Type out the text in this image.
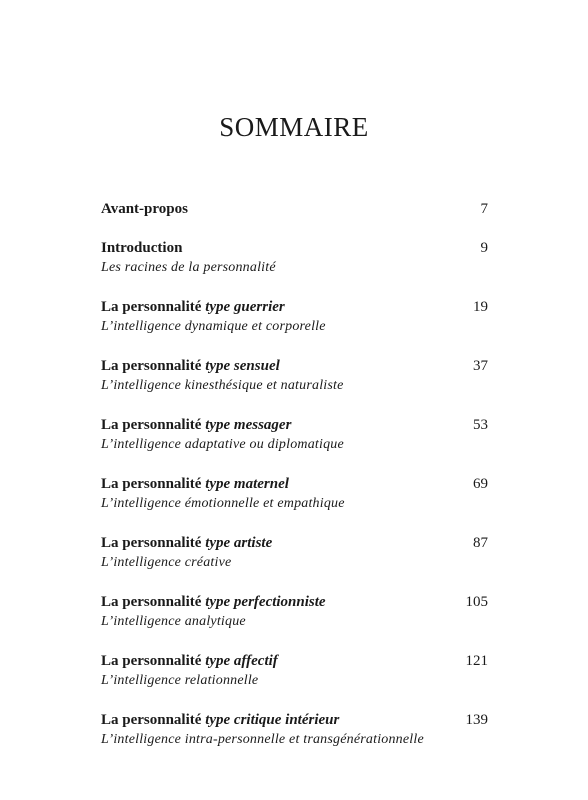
SOMMAIRE
Avant-propos	7
Introduction	9
Les racines de la personnalité
La personnalité type guerrier	19
L’intelligence dynamique et corporelle
La personnalité type sensuel	37
L’intelligence kinesthésique et naturaliste
La personnalité type messager	53
L’intelligence adaptative ou diplomatique
La personnalité type maternel	69
L’intelligence émotionnelle et empathique
La personnalité type artiste	87
L’intelligence créative
La personnalité type perfectionniste	105
L’intelligence analytique
La personnalité type affectif	121
L’intelligence relationnelle
La personnalité type critique intérieur	139
L’intelligence intra-personnelle et transgénérationnelle
